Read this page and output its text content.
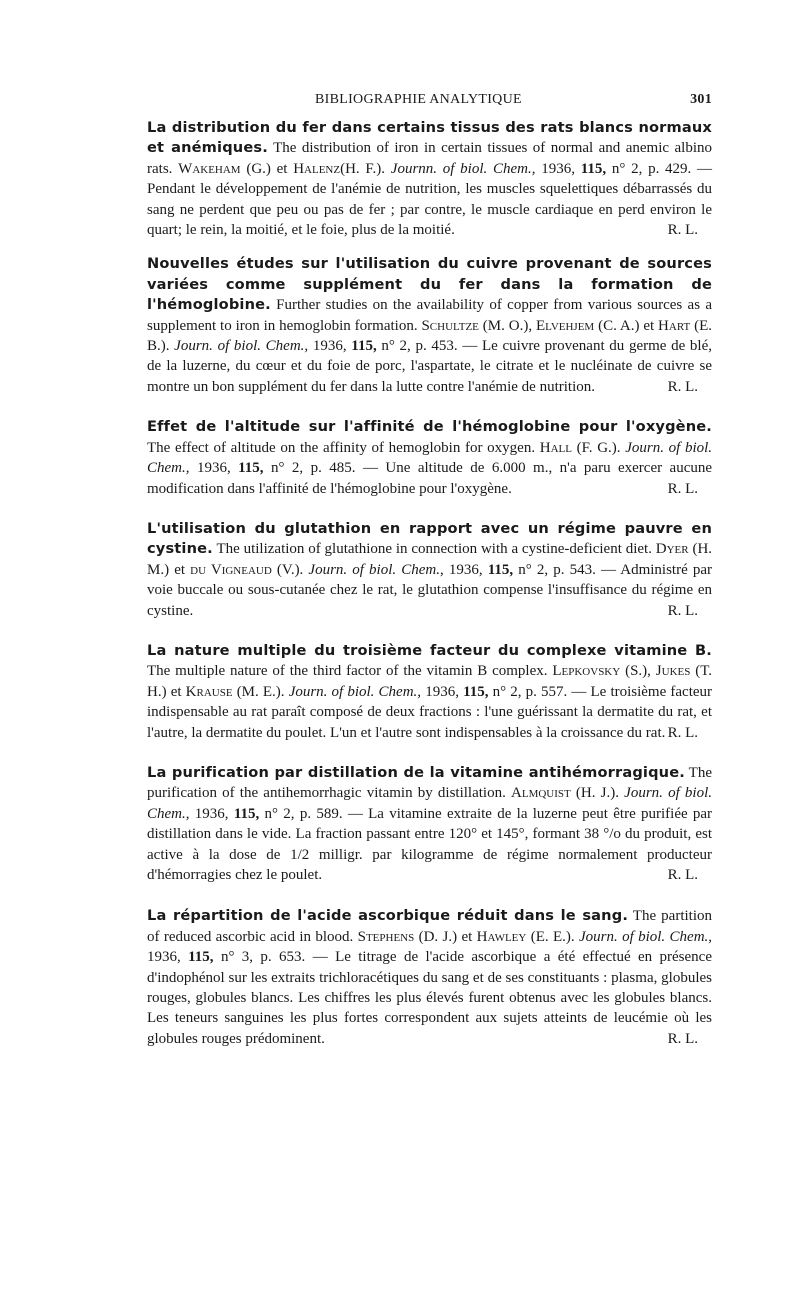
BIBLIOGRAPHIE ANALYTIQUE	301

La distribution du fer dans certains tissus des rats blancs normaux et anémiques. The distribution of iron in certain tissues of normal and anemic albino rats. Wakeham (G.) et Halenz(H. F.). Journn. of biol. Chem., 1936, 115, n° 2, p. 429. — Pendant le développement de l'anémie de nutrition, les muscles squelettiques débarrassés du sang ne perdent que peu ou pas de fer ; par contre, le muscle cardiaque en perd environ le quart; le rein, la moitié, et le foie, plus de la moitié.	R. L.

Nouvelles études sur l'utilisation du cuivre provenant de sources variées comme supplément du fer dans la formation de l'hémoglobine. Further studies on the availability of copper from various sources as a supplement to iron in hemoglobin formation. Schultze (M. O.), Elvehjem (C. A.) et Hart (E. B.). Journ. of biol. Chem., 1936, 115, n° 2, p. 453. — Le cuivre provenant du germe de blé, de la luzerne, du cœur et du foie de porc, l'aspartate, le citrate et le nucléinate de cuivre se montre un bon supplément du fer dans la lutte contre l'anémie de nutrition.	R. L.

Effet de l'altitude sur l'affinité de l'hémoglobine pour l'oxygène. The effect of altitude on the affinity of hemoglobin for oxygen. Hall (F. G.). Journ. of biol. Chem., 1936, 115, n° 2, p. 485. — Une altitude de 6.000 m., n'a paru exercer aucune modification dans l'affinité de l'hémoglobine pour l'oxygène.	R. L.

L'utilisation du glutathion en rapport avec un régime pauvre en cystine. The utilization of glutathione in connection with a cystine-deficient diet. Dyer (H. M.) et du Vigneaud (V.). Journ. of biol. Chem., 1936, 115, n° 2, p. 543. — Administré par voie buccale ou sous-cutanée chez le rat, le glutathion compense l'insuffisance du régime en cystine.	R. L.

La nature multiple du troisième facteur du complexe vitamine B. The multiple nature of the third factor of the vitamin B complex. Lepkovsky (S.), Jukes (T. H.) et Krause (M. E.). Journ. of biol. Chem., 1936, 115, n° 2, p. 557. — Le troisième facteur indispensable au rat paraît composé de deux fractions : l'une guérissant la dermatite du rat, et l'autre, la dermatite du poulet. L'un et l'autre sont indispensables à la croissance du rat. R. L.

La purification par distillation de la vitamine antihémorragique. The purification of the antihemorrhagic vitamin by distillation. Almquist (H. J.). Journ. of biol. Chem., 1936, 115, n° 2, p. 589. — La vitamine extraite de la luzerne peut être purifiée par distillation dans le vide. La fraction passant entre 120° et 145°, formant 38 °/o du produit, est active à la dose de 1/2 milligr. par kilogramme de régime normalement producteur d'hémorragies chez le poulet.	R. L.

La répartition de l'acide ascorbique réduit dans le sang. The partition of reduced ascorbic acid in blood. Stephens (D. J.) et Hawley (E. E.). Journ. of biol. Chem., 1936, 115, n° 3, p. 653. — Le titrage de l'acide ascorbique a été effectué en présence d'indophénol sur les extraits trichloracétiques du sang et de ses constituants : plasma, globules rouges, globules blancs. Les chiffres les plus élevés furent obtenus avec les globules blancs. Les teneurs sanguines les plus fortes correspondent aux sujets atteints de leucémie où les globules rouges prédominent.	R. L.
